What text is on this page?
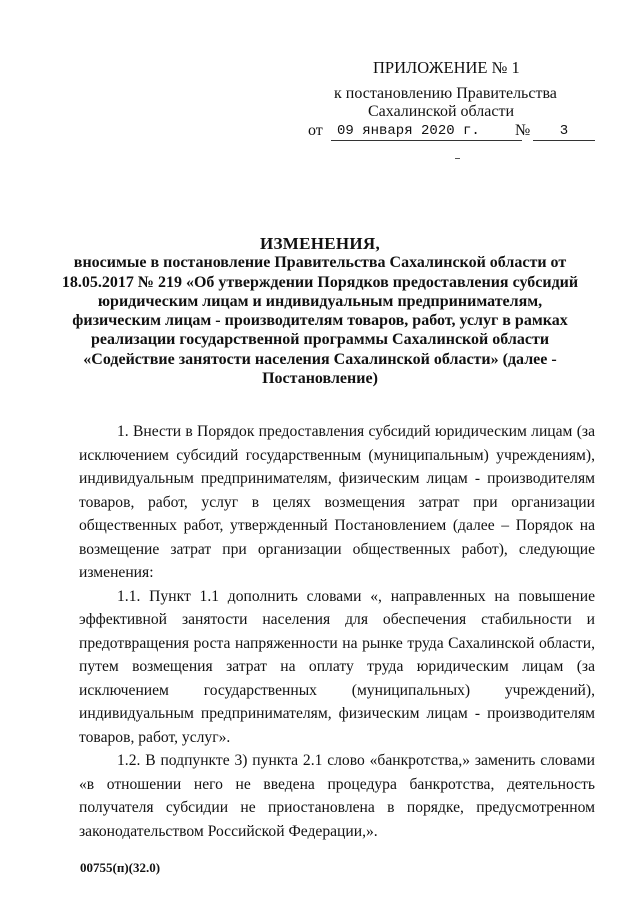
ПРИЛОЖЕНИЕ № 1
к постановлению Правительства
Сахалинской области
от	09 января 2020 г.	№	3
ИЗМЕНЕНИЯ,
вносимые в постановление Правительства Сахалинской области от 18.05.2017 № 219 «Об утверждении Порядков предоставления субсидий юридическим лицам и индивидуальным предпринимателям, физическим лицам - производителям товаров, работ, услуг в рамках реализации государственной программы Сахалинской области «Содействие занятости населения Сахалинской области» (далее - Постановление)

1. Внести в Порядок предоставления субсидий юридическим лицам (за исключением субсидий государственным (муниципальным) учреждениям), индивидуальным предпринимателям, физическим лицам - производителям товаров, работ, услуг в целях возмещения затрат при организации общественных работ, утвержденный Постановлением (далее – Порядок на возмещение затрат при организации общественных работ), следующие изменения:

1.1. Пункт 1.1 дополнить словами «, направленных на повышение эффективной занятости населения для обеспечения стабильности и предотвращения роста напряженности на рынке труда Сахалинской области, путем возмещения затрат на оплату труда юридическим лицам (за исключением государственных (муниципальных) учреждений), индивидуальным предпринимателям, физическим лицам - производителям товаров, работ, услуг».

1.2. В подпункте 3) пункта 2.1 слово «банкротства,» заменить словами «в отношении него не введена процедура банкротства, деятельность получателя субсидии не приостановлена в порядке, предусмотренном законодательством Российской Федерации,».

00755(п)(32.0)
